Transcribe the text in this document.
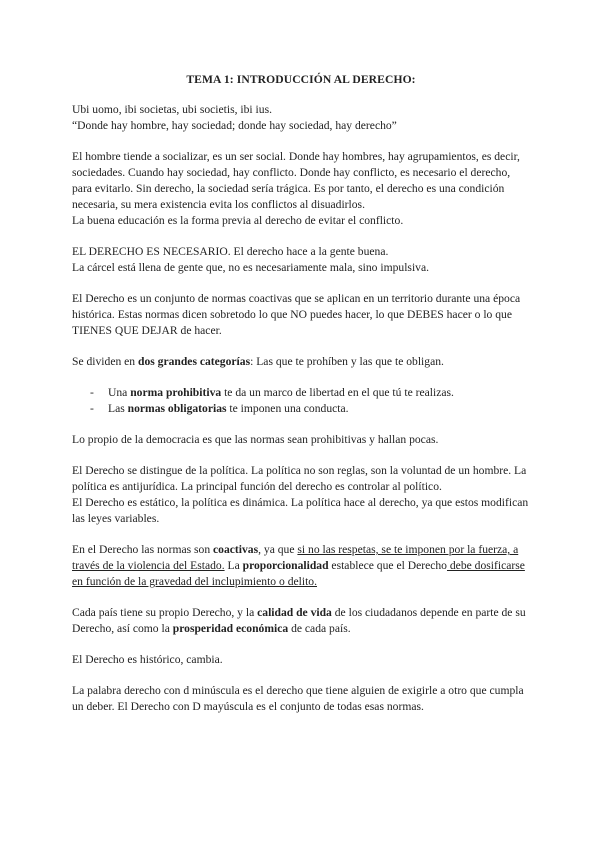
TEMA 1: INTRODUCCIÓN AL DERECHO:

Ubi uomo, ibi societas, ubi societis, ibi ius.

“Donde hay hombre, hay sociedad; donde hay sociedad, hay derecho”

El hombre tiende a socializar, es un ser social. Donde hay hombres, hay agrupamientos, es decir, sociedades. Cuando hay sociedad, hay conflicto. Donde hay conflicto, es necesario el derecho, para evitarlo. Sin derecho, la sociedad sería trágica. Es por tanto, el derecho es una condición necesaria, su mera existencia evita los conflictos al disuadirlos.

La buena educación es la forma previa al derecho de evitar el conflicto.

EL DERECHO ES NECESARIO. El derecho hace a la gente buena.

La cárcel está llena de gente que, no es necesariamente mala, sino impulsiva.

El Derecho es un conjunto de normas coactivas que se aplican en un territorio durante una época histórica. Estas normas dicen sobretodo lo que NO puedes hacer, lo que DEBES hacer o lo que TIENES QUE DEJAR de hacer.

Se dividen en dos grandes categorías: Las que te prohíben y las que te obligan.

- Una norma prohibitiva te da un marco de libertad en el que tú te realizas.
- Las normas obligatorias te imponen una conducta.

Lo propio de la democracia es que las normas sean prohibitivas y hallan pocas.

El Derecho se distingue de la política. La política no son reglas, son la voluntad de un hombre. La política es antijurídica. La principal función del derecho es controlar al político.

El Derecho es estático, la política es dinámica. La política hace al derecho, ya que estos modifican las leyes variables.

En el Derecho las normas son coactivas, ya que si no las respetas, se te imponen por la fuerza, a través de la violencia del Estado. La proporcionalidad establece que el Derecho debe dosificarse en función de la gravedad del inclupimiento o delito.

Cada país tiene su propio Derecho, y la calidad de vida de los ciudadanos depende en parte de su Derecho, así como la prosperidad económica de cada país.

El Derecho es histórico, cambia.

La palabra derecho con d minúscula es el derecho que tiene alguien de exigirle a otro que cumpla un deber. El Derecho con D mayúscula es el conjunto de todas esas normas.
